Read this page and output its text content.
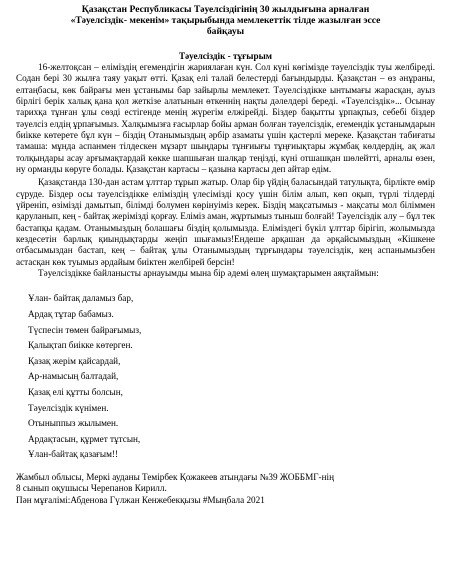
Қазақстан Республикасы Тәуелсіздігінің 30 жылдығына арналған
«Тәуелсіздік- мекенім» тақырыбында мемлекеттік тілде жазылған эссе
байқауы
Тәуелсіздік - тұғырым
16-желтоқсан – еліміздің егемендігін жариялаған күн. Сол күні көгімізде тәуелсіздік туы желбіреді. Содан бері 30 жылға таяу уақыт өтті. Қазақ елі талай белестерді бағындырды. Қазақстан – өз әнұраны, елтаңбасы, көк байрағы мен ұстанымы бар зайырлы мемлекет. Тәуелсіздікке ынтымағы жарасқан, ауыз бірлігі берік халық қана қол жеткізе алатынын өткеннің нақты дәлелдері береді. «Тәуелсіздік»... Осынау тарихқа тұнған ұлы сөзді естігенде менің жүрегім елжірейді. Біздер бақытты ұрпақпыз, себебі біздер тәуелсіз елдің ұрпағымыз. Халқымызға ғасырлар бойы арман болған тәуелсіздік, егемендік ұстанымдарын биікке көтерете бұл күн – біздің Отанымыздың әрбір азаматы үшін қастерлі мереке. Қазақстан табиғаты тамаша: мұнда аспанмен тілдескен мұзарт шыңдары тұнғиығы тұңғиықтары жұмбақ көлдердің, ақ жал толқындары асау арғымақтардай көкке шапшыған шалқар теңізді, күні отшашқан шөлейтті, арналы өзен, ну орманды көруге болады. Қазақстан картасы – қазына картасы деп айтар едім.
Қазақстанда 130-дан астам ұлттар тұрып жатыр. Олар бір үйдің баласындай татулықта, бірлікте өмір сүруде. Біздер осы тәуелсіздікке еліміздің үлесімізді қосу үшін білім алып, көп оқып, түрлі тілдерді үйреніп, өзімізді дамытып, білімді болумен көрінуіміз керек. Біздің мақсатымыз - мақсаты мол біліммен қаруланып, кең - байтақ жерімізді қорғау. Елімiз аман, жұртымыз тыныш болғай! Тәуелсіздік алу – бұл тек бастапқы қадам. Отанымыздың болашағы біздің қолымызда. Еліміздегі бүкіл ұлттар бірігіп, жолымызда кездесетін барлық қиындықтарды жеңіп шығамыз!Ендеше арқашан да әрқайсымыздың «Кішкене отбасымыздан бастап, кең – байтақ ұлы Отанымыздың тұрғындары тәуелсіздік, кең аспанымызбен астасқан көк туымыз әрдайым биіктен желбірей берсін!
Тәуелсіздікке байланысты арнауымды мына бір әдемі өлең шумақтарымен аяқтаймын:
Ұлан- байтақ даламыз бар,
Ардақ тұтар бабамыз.
Түспесін төмен байрағымыз,
Қалықтап биікке көтерген.
Қазақ жерім қайсардай,
Ар-намысың балтадай,
Қазақ елі құтты болсын,
Тәуелсіздік күнімен.
Отыныппыз жылымен.
Ардақтасын, құрмет тұтсын,
Ұлан-байтақ қазағым!!
Жамбыл облысы, Меркі ауданы Темірбек Қожакеев атындағы №39 ЖОББМГ-нің
8 сынып оқушысы Черепанов Кирилл.
Пән мұғалімі:Абденова Гүлжан Кенжебекқызы #Мыңбала 2021
